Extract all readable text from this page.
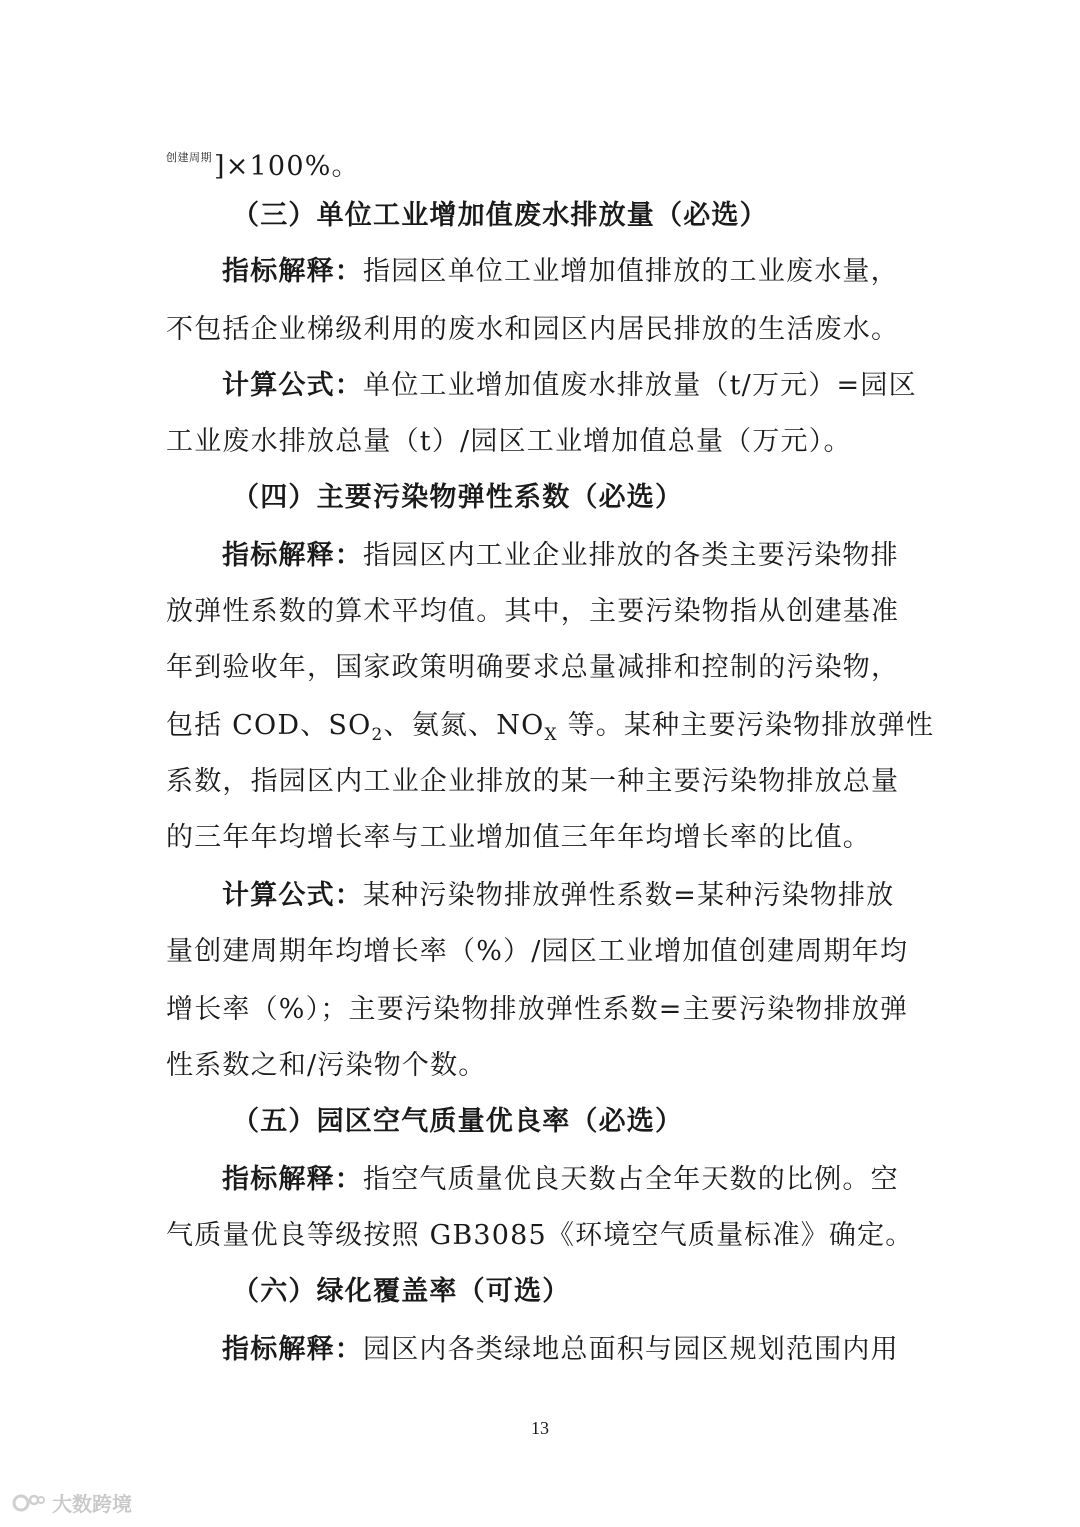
$^{创建周期}$]×100%。
（三）单位工业增加值废水排放量（必选）
指标解释：指园区单位工业增加值排放的工业废水量，
不包括企业梯级利用的废水和园区内居民排放的生活废水。
计算公式：单位工业增加值废水排放量（t/万元）=园区
工业废水排放总量（t）/园区工业增加值总量（万元）。
（四）主要污染物弹性系数（必选）
指标解释：指园区内工业企业排放的各类主要污染物排
放弹性系数的算术平均值。其中，主要污染物指从创建基准
年到验收年，国家政策明确要求总量减排和控制的污染物，
包括 COD、$SO_2$、氨氮、$NO_X$ 等。某种主要污染物排放弹性
系数，指园区内工业企业排放的某一种主要污染物排放总量
的三年年均增长率与工业增加值三年年均增长率的比值。
计算公式：某种污染物排放弹性系数=某种污染物排放
量创建周期年均增长率（%）/园区工业增加值创建周期年均
增长率（%）；主要污染物排放弹性系数=主要污染物排放弹
性系数之和/污染物个数。
（五）园区空气质量优良率（必选）
指标解释：指空气质量优良天数占全年天数的比例。空
气质量优良等级按照 GB3085《环境空气质量标准》确定。
（六）绿化覆盖率（可选）
指标解释：园区内各类绿地总面积与园区规划范围内用
13
大数跨境
